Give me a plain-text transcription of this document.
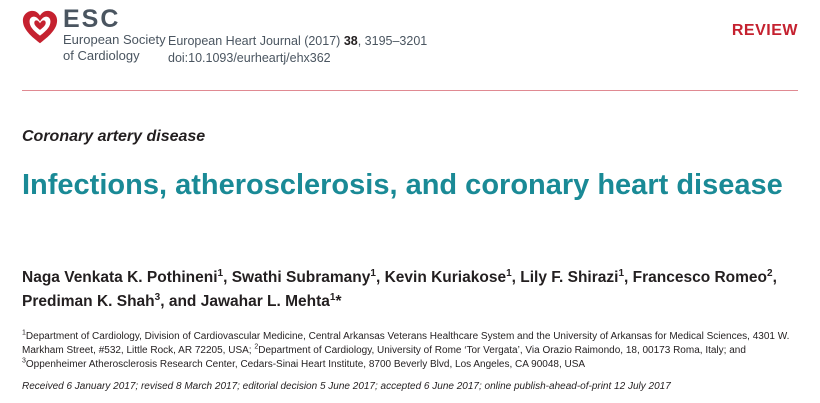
ESC
European Society
of Cardiology
European Heart Journal (2017) 38, 3195–3201
doi:10.1093/eurheartj/ehx362
REVIEW
Coronary artery disease
Infections, atherosclerosis, and coronary heart disease
Naga Venkata K. Pothineni$^1$, Swathi Subramany$^1$, Kevin Kuriakose$^1$, Lily F. Shirazi$^1$, Francesco Romeo$^2$, Prediman K. Shah$^3$, and Jawahar L. Mehta$^1$*
$^1$Department of Cardiology, Division of Cardiovascular Medicine, Central Arkansas Veterans Healthcare System and the University of Arkansas for Medical Sciences, 4301 W. Markham Street, #532, Little Rock, AR 72205, USA; $^2$Department of Cardiology, University of Rome ‘Tor Vergata’, Via Orazio Raimondo, 18, 00173 Roma, Italy; and $^3$Oppenheimer Atherosclerosis Research Center, Cedars-Sinai Heart Institute, 8700 Beverly Blvd, Los Angeles, CA 90048, USA
Received 6 January 2017; revised 8 March 2017; editorial decision 5 June 2017; accepted 6 June 2017; online publish-ahead-of-print 12 July 2017
